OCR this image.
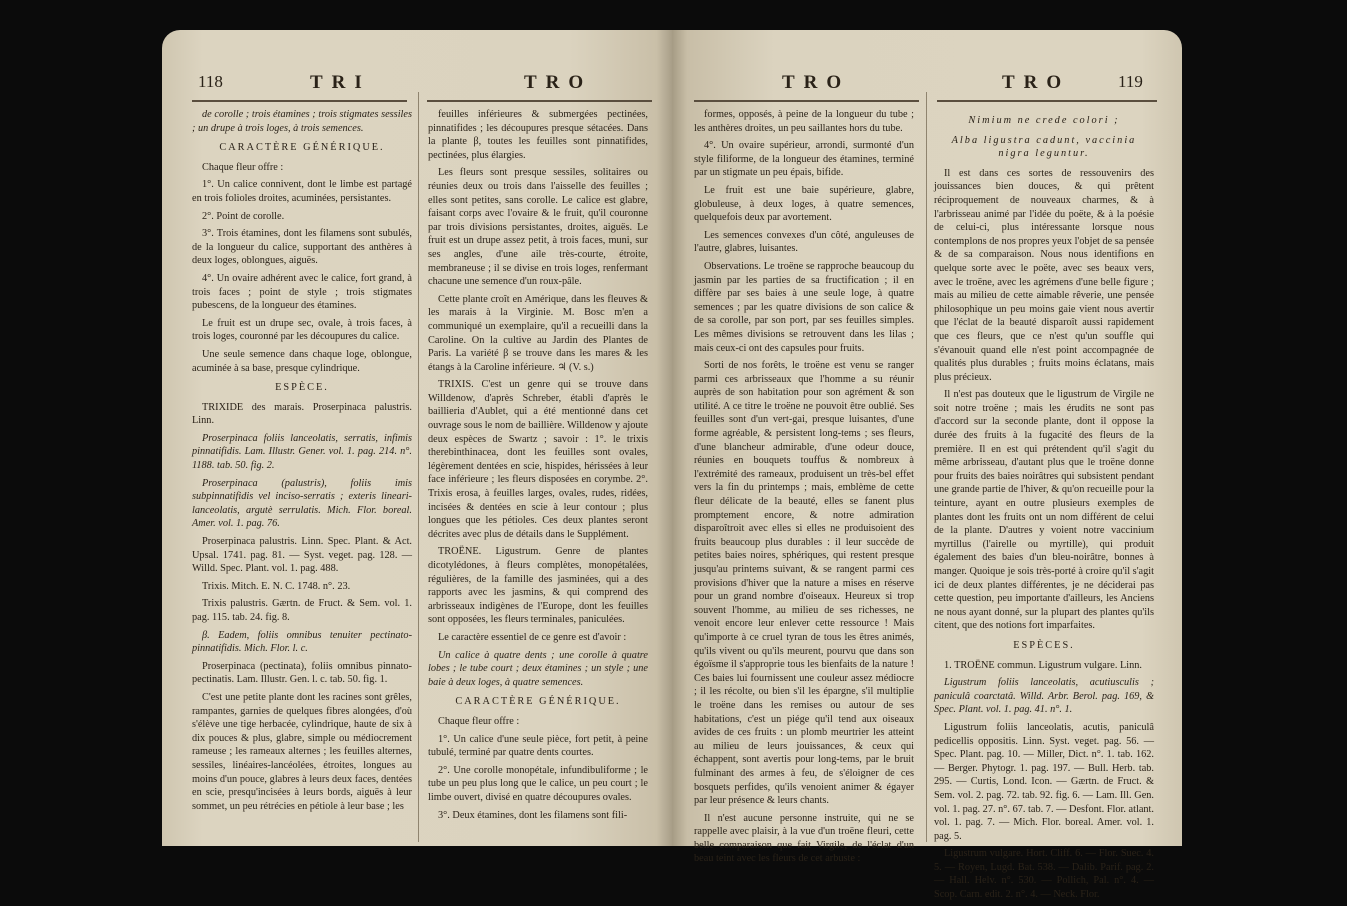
118	TRI	TRO

de corolle ; trois étamines ; trois stigmates sessiles ; un drupe à trois loges, à trois semences.

CARACTÈRE GÉNÉRIQUE.

Chaque fleur offre :

1°. Un calice connivent, dont le limbe est partagé en trois folioles droites, acuminées, persistantes.

2°. Point de corolle.

3°. Trois étamines, dont les filamens sont subulés, de la longueur du calice, supportant des anthères à deux loges, oblongues, aiguës.

4°. Un ovaire adhérent avec le calice, fort grand, à trois faces ; point de style ; trois stigmates pubescens, de la longueur des étamines.

Le fruit est un drupe sec, ovale, à trois faces, à trois loges, couronné par les découpures du calice.

Une seule semence dans chaque loge, oblongue, acuminée à sa base, presque cylindrique.

ESPÈCE.

TRIXIDE des marais. Proserpinaca palustris. Linn.

Proserpinaca foliis lanceolatis, serratis, infimis pinnatifidis. Lam. Illustr. Gener. vol. 1. pag. 214. n°. 1188. tab. 50. fig. 2.

Proserpinaca (palustris), foliis imis subpinnatifidis vel inciso-serratis ; exteris lineari-lanceolatis, argutè serrulatis. Mich. Flor. boreal. Amer. vol. 1. pag. 76.

Proserpinaca palustris. Linn. Spec. Plant. & Act. Upsal. 1741. pag. 81. — Syst. veget. pag. 128. — Willd. Spec. Plant. vol. 1. pag. 488.

Trixis. Mitch. E. N. C. 1748. n°. 23.

Trixis palustris. Gærtn. de Fruct. & Sem. vol. 1. pag. 115. tab. 24. fig. 8.

β. Eadem, foliis omnibus tenuiter pectinato-pinnatifidis. Mich. Flor. l. c.

Proserpinaca (pectinata), foliis omnibus pinnato-pectinatis. Lam. Illustr. Gen. l. c. tab. 50. fig. 1.

C'est une petite plante dont les racines sont grêles, rampantes, garnies de quelques fibres alongées, d'où s'élève une tige herbacée, cylindrique, haute de six à dix pouces & plus, glabre, simple ou médiocrement rameuse ; les rameaux alternes ; les feuilles alternes, sessiles, linéaires-lancéolées, étroites, longues au moins d'un pouce, glabres à leurs deux faces, dentées en scie, presqu'incisées à leurs bords, aiguës à leur sommet, un peu rétrécies en pétiole à leur base ; les

feuilles inférieures & submergées pectinées, pinnatifides ; les découpures presque sétacées. Dans la plante β, toutes les feuilles sont pinnatifides, pectinées, plus élargies.

Les fleurs sont presque sessiles, solitaires ou réunies deux ou trois dans l'aisselle des feuilles ; elles sont petites, sans corolle. Le calice est glabre, faisant corps avec l'ovaire & le fruit, qu'il couronne par trois divisions persistantes, droites, aiguës. Le fruit est un drupe assez petit, à trois faces, muni, sur ses angles, d'une aile très-courte, étroite, membraneuse ; il se divise en trois loges, renfermant chacune une semence d'un roux-pâle.

Cette plante croît en Amérique, dans les fleuves & les marais à la Virginie. M. Bosc m'en a communiqué un exemplaire, qu'il a recueilli dans la Caroline. On la cultive au Jardin des Plantes de Paris. La variété β se trouve dans les mares & les étangs à la Caroline inférieure. ♃ (V. s.)

TRIXIS. C'est un genre qui se trouve dans Willdenow, d'après Schreber, établi d'après le baillieria d'Aublet, qui a été mentionné dans cet ouvrage sous le nom de baillière. Willdenow y ajoute deux espèces de Swartz ; savoir : 1°. le trixis therebinthinacea, dont les feuilles sont ovales, légèrement dentées en scie, hispides, hérissées à leur face inférieure ; les fleurs disposées en corymbe. 2°. Trixis erosa, à feuilles larges, ovales, rudes, ridées, incisées & dentées en scie à leur contour ; plus longues que les pétioles. Ces deux plantes seront décrites avec plus de détails dans le Supplément.

TROËNE. Ligustrum. Genre de plantes dicotylédones, à fleurs complètes, monopétalées, régulières, de la famille des jasminées, qui a des rapports avec les jasmins, & qui comprend des arbrisseaux indigènes de l'Europe, dont les feuilles sont opposées, les fleurs terminales, paniculées.

Le caractère essentiel de ce genre est d'avoir :

Un calice à quatre dents ; une corolle à quatre lobes ; le tube court ; deux étamines ; un style ; une baie à deux loges, à quatre semences.

CARACTÈRE GÉNÉRIQUE.

Chaque fleur offre :

1°. Un calice d'une seule pièce, fort petit, à peine tubulé, terminé par quatre dents courtes.

2°. Une corolle monopétale, infundibuliforme ; le tube un peu plus long que le calice, un peu court ; le limbe ouvert, divisé en quatre découpures ovales.

3°. Deux étamines, dont les filamens sont fili-

TRO	TRO	119

formes, opposés, à peine de la longueur du tube ; les anthères droites, un peu saillantes hors du tube.

4°. Un ovaire supérieur, arrondi, surmonté d'un style filiforme, de la longueur des étamines, terminé par un stigmate un peu épais, bifide.

Le fruit est une baie supérieure, glabre, globuleuse, à deux loges, à quatre semences, quelquefois deux par avortement.

Les semences convexes d'un côté, anguleuses de l'autre, glabres, luisantes.

Observations. Le troëne se rapproche beaucoup du jasmin par les parties de sa fructification ; il en diffère par ses baies à une seule loge, à quatre semences ; par les quatre divisions de son calice & de sa corolle, par son port, par ses feuilles simples. Les mêmes divisions se retrouvent dans les lilas ; mais ceux-ci ont des capsules pour fruits.

Sorti de nos forêts, le troëne est venu se ranger parmi ces arbrisseaux que l'homme a su réunir auprès de son habitation pour son agrément & son utilité. A ce titre le troëne ne pouvoit être oublié. Ses feuilles sont d'un vert-gai, presque luisantes, d'une forme agréable, & persistent long-tems ; ses fleurs, d'une blancheur admirable, d'une odeur douce, réunies en bouquets touffus & nombreux à l'extrémité des rameaux, produisent un très-bel effet vers la fin du printemps ; mais, emblème de cette fleur délicate de la beauté, elles se fanent plus promptement encore, & notre admiration disparoîtroit avec elles si elles ne produisoient des fruits beaucoup plus durables : il leur succède de petites baies noires, sphériques, qui restent presque jusqu'au printems suivant, & se rangent parmi ces provisions d'hiver que la nature a mises en réserve pour un grand nombre d'oiseaux. Heureux si trop souvent l'homme, au milieu de ses richesses, ne venoit encore leur enlever cette ressource ! Mais qu'importe à ce cruel tyran de tous les êtres animés, qu'ils vivent ou qu'ils meurent, pourvu que dans son égoïsme il s'approprie tous les bienfaits de la nature ! Ces baies lui fournissent une couleur assez médiocre ; il les récolte, ou bien s'il les épargne, s'il multiplie le troëne dans les remises ou autour de ses habitations, c'est un piége qu'il tend aux oiseaux avides de ces fruits : un plomb meurtrier les atteint au milieu de leurs jouissances, & ceux qui échappent, sont avertis pour long-tems, par le bruit fulminant des armes à feu, de s'éloigner de ces bosquets perfides, qu'ils venoient animer & égayer par leur présence & leurs chants.

Il n'est aucune personne instruite, qui ne se rappelle avec plaisir, à la vue d'un troëne fleuri, cette belle comparaison que fait Virgile, de l'éclat d'un beau teint avec les fleurs de cet arbuste :

Nimium ne crede colori ;

Alba ligustra cadunt, vaccinia nigra leguntur.

Il est dans ces sortes de ressouvenirs des jouissances bien douces, & qui prêtent réciproquement de nouveaux charmes, & à l'arbrisseau animé par l'idée du poëte, & à la poésie de celui-ci, plus intéressante lorsque nous contemplons de nos propres yeux l'objet de sa pensée & de sa comparaison. Nous nous identifions en quelque sorte avec le poëte, avec ses beaux vers, avec le troëne, avec les agrémens d'une belle figure ; mais au milieu de cette aimable rêverie, une pensée philosophique un peu moins gaie vient nous avertir que l'éclat de la beauté disparoît aussi rapidement que ces fleurs, que ce n'est qu'un souffle qui s'évanouit quand elle n'est point accompagnée de qualités plus durables ; fruits moins éclatans, mais plus précieux.

Il n'est pas douteux que le ligustrum de Virgile ne soit notre troëne ; mais les érudits ne sont pas d'accord sur la seconde plante, dont il oppose la durée des fruits à la fugacité des fleurs de la première. Il en est qui prétendent qu'il s'agit du même arbrisseau, d'autant plus que le troëne donne pour fruits des baies noirâtres qui subsistent pendant une grande partie de l'hiver, & qu'on recueille pour la teinture, ayant en outre plusieurs exemples de plantes dont les fruits ont un nom différent de celui de la plante. D'autres y voient notre vaccinium myrtillus (l'airelle ou myrtille), qui produit également des baies d'un bleu-noirâtre, bonnes à manger. Quoique je sois très-porté à croire qu'il s'agit ici de deux plantes différentes, je ne déciderai pas cette question, peu importante d'ailleurs, les Anciens ne nous ayant donné, sur la plupart des plantes qu'ils citent, que des notions fort imparfaites.

ESPÈCES.

1. TROËNE commun. Ligustrum vulgare. Linn.

Ligustrum foliis lanceolatis, acutiusculis ; paniculâ coarctatâ. Willd. Arbr. Berol. pag. 169, & Spec. Plant. vol. 1. pag. 41. n°. 1.

Ligustrum foliis lanceolatis, acutis, paniculâ pedicellis oppositis. Linn. Syst. veget. pag. 56. — Spec. Plant. pag. 10. — Miller, Dict. n°. 1. tab. 162. — Berger. Phytogr. 1. pag. 197. — Bull. Herb. tab. 295. — Curtis, Lond. Icon. — Gærtn. de Fruct. & Sem. vol. 2. pag. 72. tab. 92. fig. 6. — Lam. Ill. Gen. vol. 1. pag. 27. n°. 67. tab. 7. — Desfont. Flor. atlant. vol. 1. pag. 7. — Mich. Flor. boreal. Amer. vol. 1. pag. 5.

Ligustrum vulgare. Hort. Cliff. 6. — Flor. Suec. 4. 5. — Royen, Lugd. Bat. 538. — Dalib. Parif. pag. 2. — Hall. Helv. n°. 530. — Pollich, Pal. n°. 4. — Scop. Carn. edit. 2. n°. 4. — Neck. Flor.
